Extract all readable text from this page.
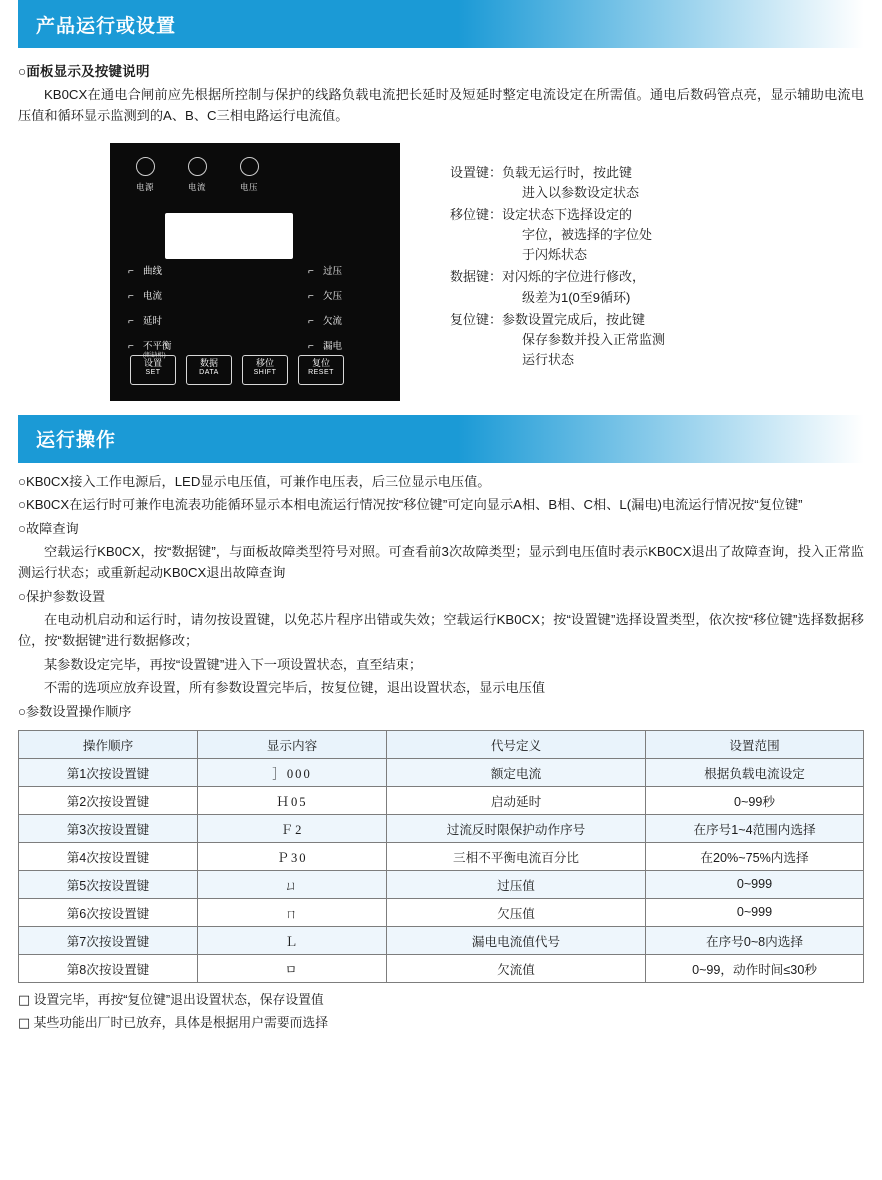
产品运行或设置
○面板显示及按键说明
KB0CX在通电合闸前应先根据所控制与保护的线路负载电流把长延时及短延时整定电流设定在所需值。通电后数码管点亮，显示辅助电流电压值和循环显示监测到的A、B、C三相电路运行电流值。
电源	电流	电压
⌐ 曲线
⌐ 电流
⌐ 延时
⌐ 不平衡
(断缺相)
⌐ 过压
⌐ 欠压
⌐ 欠流
⌐ 漏电
设置
SET
数据
DATA
移位
SHIFT
复位
RESET
设置键：负载无运行时，按此键
进入以参数设定状态
移位键：设定状态下选择设定的
字位，被选择的字位处
于闪烁状态
数据键：对闪烁的字位进行修改，
级差为1(0至9循环)
复位键：参数设置完成后，按此键
保存参数并投入正常监测
运行状态
运行操作
○KB0CX接入工作电源后，LED显示电压值，可兼作电压表，后三位显示电压值。
○KB0CX在运行时可兼作电流表功能循环显示本相电流运行情况按“移位键”可定向显示A相、B相、C相、L(漏电)电流运行情况按“复位键”
○故障查询
空载运行KB0CX，按“数据键”，与面板故障类型符号对照。可查看前3次故障类型；显示到电压值时表示KB0CX退出了故障查询，投入正常监测运行状态；或重新起动KB0CX退出故障查询
○保护参数设置
在电动机启动和运行时，请勿按设置键，以免芯片程序出错或失效；空载运行KB0CX；按“设置键”选择设置类型，依次按“移位键”选择数据移位，按“数据键”进行数据修改；
某参数设定完毕，再按“设置键”进入下一项设置状态，直至结束；
不需的选项应放弃设置，所有参数设置完毕后，按复位键，退出设置状态，显示电压值
○参数设置操作顺序
操作顺序	显示内容	代号定义	设置范围
第1次按设置键	］000	额定电流	根据负载电流设定
第2次按设置键	Ｈ05	启动延时	0~99秒
第3次按设置键	Ｆ2	过流反时限保护动作序号	在序号1~4范围内选择
第4次按设置键	Ｐ30	三相不平衡电流百分比	在20%~75%内选择
第5次按设置键	ㄩ	过压值	0~999
第6次按设置键	ㄇ	欠压值	0~999
第7次按设置键	Ｌ	漏电电流值代号	在序号0~8内选择
第8次按设置键	ㅁ	欠流值	0~99，动作时间≤30秒
□ 设置完毕，再按“复位键”退出设置状态，保存设置值
□ 某些功能出厂时已放弃，具体是根据用户需要而选择
